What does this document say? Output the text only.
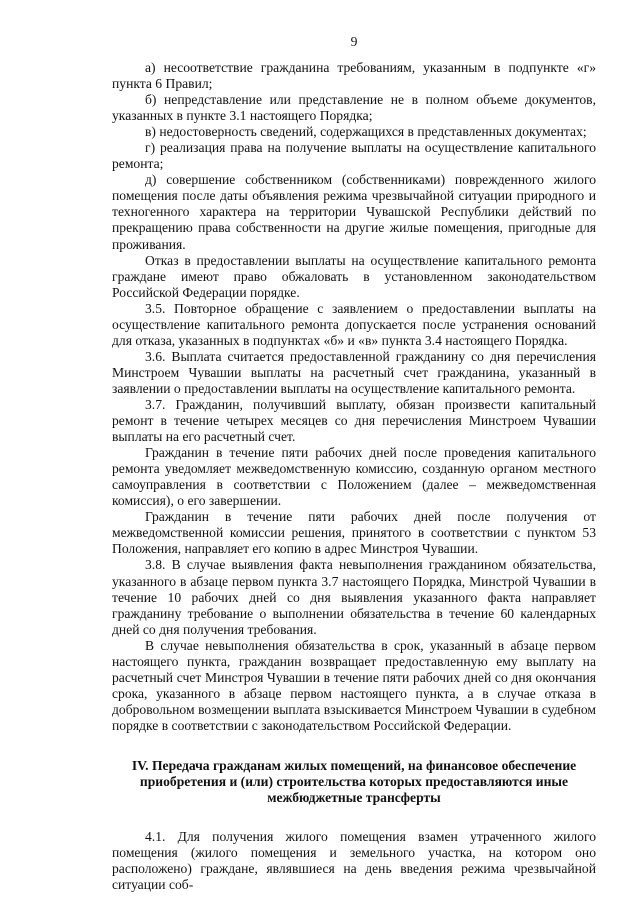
9

а) несоответствие гражданина требованиям, указанным в подпункте «г» пункта 6 Правил;

б) непредставление или представление не в полном объеме документов, указанных в пункте 3.1 настоящего Порядка;

в) недостоверность сведений, содержащихся в представленных документах;

г) реализация права на получение выплаты на осуществление капитального ремонта;

д) совершение собственником (собственниками) поврежденного жилого помещения после даты объявления режима чрезвычайной ситуации природного и техногенного характера на территории Чувашской Республики действий по прекращению права собственности на другие жилые помещения, пригодные для проживания.

Отказ в предоставлении выплаты на осуществление капитального ремонта граждане имеют право обжаловать в установленном законодательством Российской Федерации порядке.

3.5. Повторное обращение с заявлением о предоставлении выплаты на осуществление капитального ремонта допускается после устранения оснований для отказа, указанных в подпунктах «б» и «в» пункта 3.4 настоящего Порядка.

3.6. Выплата считается предоставленной гражданину со дня перечисления Минстроем Чувашии выплаты на расчетный счет гражданина, указанный в заявлении о предоставлении выплаты на осуществление капитального ремонта.

3.7. Гражданин, получивший выплату, обязан произвести капитальный ремонт в течение четырех месяцев со дня перечисления Минстроем Чувашии выплаты на его расчетный счет.

Гражданин в течение пяти рабочих дней после проведения капитального ремонта уведомляет межведомственную комиссию, созданную органом местного самоуправления в соответствии с Положением (далее – межведомственная комиссия), о его завершении.

Гражданин в течение пяти рабочих дней после получения от межведомственной комиссии решения, принятого в соответствии с пунктом 53 Положения, направляет его копию в адрес Минстроя Чувашии.

3.8. В случае выявления факта невыполнения гражданином обязательства, указанного в абзаце первом пункта 3.7 настоящего Порядка, Минстрой Чувашии в течение 10 рабочих дней со дня выявления указанного факта направляет гражданину требование о выполнении обязательства в течение 60 календарных дней со дня получения требования.

В случае невыполнения обязательства в срок, указанный в абзаце первом настоящего пункта, гражданин возвращает предоставленную ему выплату на расчетный счет Минстроя Чувашии в течение пяти рабочих дней со дня окончания срока, указанного в абзаце первом настоящего пункта, а в случае отказа в добровольном возмещении выплата взыскивается Минстроем Чувашии в судебном порядке в соответствии с законодательством Российской Федерации.

IV. Передача гражданам жилых помещений, на финансовое обеспечение
приобретения и (или) строительства которых предоставляются иные
межбюджетные трансферты

4.1. Для получения жилого помещения взамен утраченного жилого помещения (жилого помещения и земельного участка, на котором оно расположено) граждане, являвшиеся на день введения режима чрезвычайной ситуации соб-
